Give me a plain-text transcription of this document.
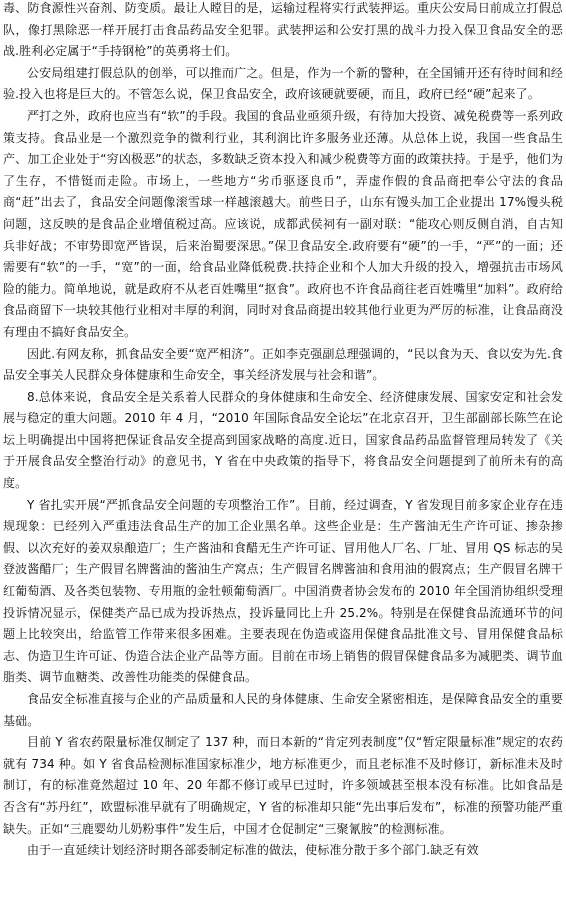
毒、防食源性兴奋剂、防变质。最让人瞠目的是，运输过程将实行武装押运。重庆公安局日前成立打假总队，像打黑除恶一样开展打击食品药品安全犯罪。武装押运和公安打黑的战斗力投入保卫食品安全的恶战.胜利必定属于“手持钢枪”的英勇将士们。

公安局组建打假总队的创举，可以推而广之。但是，作为一个新的警种，在全国铺开还有待时间和经验.投入也将是巨大的。不管怎么说，保卫食品安全，政府该硬就要硬，而且，政府已经“硬”起来了。

严打之外，政府也应当有“软”的手段。我国的食品业亟须升级，有待加大投资、减免税费等一系列政策支持。食品业是一个激烈竞争的微利行业，其利润比许多服务业还薄。从总体上说，我国一些食品生产、加工企业处于“穷凶极恶”的状态，多数缺乏资本投入和减少税费等方面的政策扶持。于是乎，他们为了生存，不惜铤而走险。市场上，一些地方“劣币驱逐良币”，弄虚作假的食品商把奉公守法的食品商“赶”出去了，食品安全问题像滚雪球一样越滚越大。前些日子，山东有馒头加工企业提出 17%馒头税问题，这反映的是食品企业增值税过高。应该说，成都武侯祠有一副对联：“能攻心则反侧自消，自古知兵非好战；不审势即宽严皆误，后来治蜀要深思。”保卫食品安全.政府要有“硬”的一手，“严”的一面；还需要有“软”的一手，“宽”的一面，给食品业降低税费.扶持企业和个人加大升级的投入，增强抗击市场风险的能力。简单地说，就是政府不从老百姓嘴里“抠食”。政府也不许食品商往老百姓嘴里“加料”。政府给食品商留下一块较其他行业相对丰厚的利润，同时对食品商提出较其他行业更为严厉的标准，让食品商没有理由不搞好食品安全。

因此.有网友称，抓食品安全要“宽严相济”。正如李克强副总理强调的，“民以食为天、食以安为先.食品安全事关人民群众身体健康和生命安全，事关经济发展与社会和谐”。

8.总体来说，食品安全是关系着人民群众的身体健康和生命安全、经济健康发展、国家安定和社会发展与稳定的重大问题。2010 年 4 月，“2010 年国际食品安全论坛”在北京召开，卫生部副部长陈竺在论坛上明确提出中国将把保证食品安全提高到国家战略的高度.近日，国家食品药品监督管理局转发了《关于开展食品安全整治行动》的意见书，Y 省在中央政策的指导下，将食品安全问题提到了前所未有的高度。

Y 省扎实开展“严抓食品安全问题的专项整治工作”。目前，经过调查，Y 省发现目前多家企业存在违规现象：已经列入严重违法食品生产的加工企业黑名单。这些企业是：生产酱油无生产许可证、掺杂掺假、以次充好的姜双泉酿造厂；生产酱油和食醋无生产许可证、冒用他人厂名、厂址、冒用 QS 标志的吴登波酱醋厂；生产假冒名牌酱油的酱油生产窝点；生产假冒名牌酱油和食用油的假窝点；生产假冒名牌干红葡萄酒、及各类包装物、专用瓶的金牡顿葡萄酒厂。中国消费者协会发布的 2010 年全国消协组织受理投诉情况显示，保健类产品已成为投诉热点，投诉量同比上升 25.2%。特别是在保健食品流通环节的问题上比较突出，给监管工作带来很多困难。主要表现在伪造或盗用保健食品批准文号、冒用保健食品标志、伪造卫生许可证、伪造合法企业产品等方面。目前在市场上销售的假冒保健食品多为减肥类、调节血脂类、调节血糖类、改善性功能类的保健食品。

食品安全标准直接与企业的产品质量和人民的身体健康、生命安全紧密相连，是保障食品安全的重要基础。

目前 Y 省农药限量标准仅制定了 137 种，而日本新的“肯定列表制度”仅“暂定限量标准”规定的农药就有 734 种。如 Y 省食品检测标准国家标准少，地方标准更少，而且老标准不及时修订，新标准未及时制订，有的标准竟然超过 10 年、20 年都不修订或早已过时，许多领域甚至根本没有标准。比如食品是否含有“苏丹红”，欧盟标准早就有了明确规定，Y 省的标准却只能“先出事后发布”，标准的预警功能严重缺失。正如“三鹿婴幼儿奶粉事件”发生后，中国才仓促制定“三聚氰胺”的检测标准。

由于一直延续计划经济时期各部委制定标准的做法，使标准分散于多个部门.缺乏有效
